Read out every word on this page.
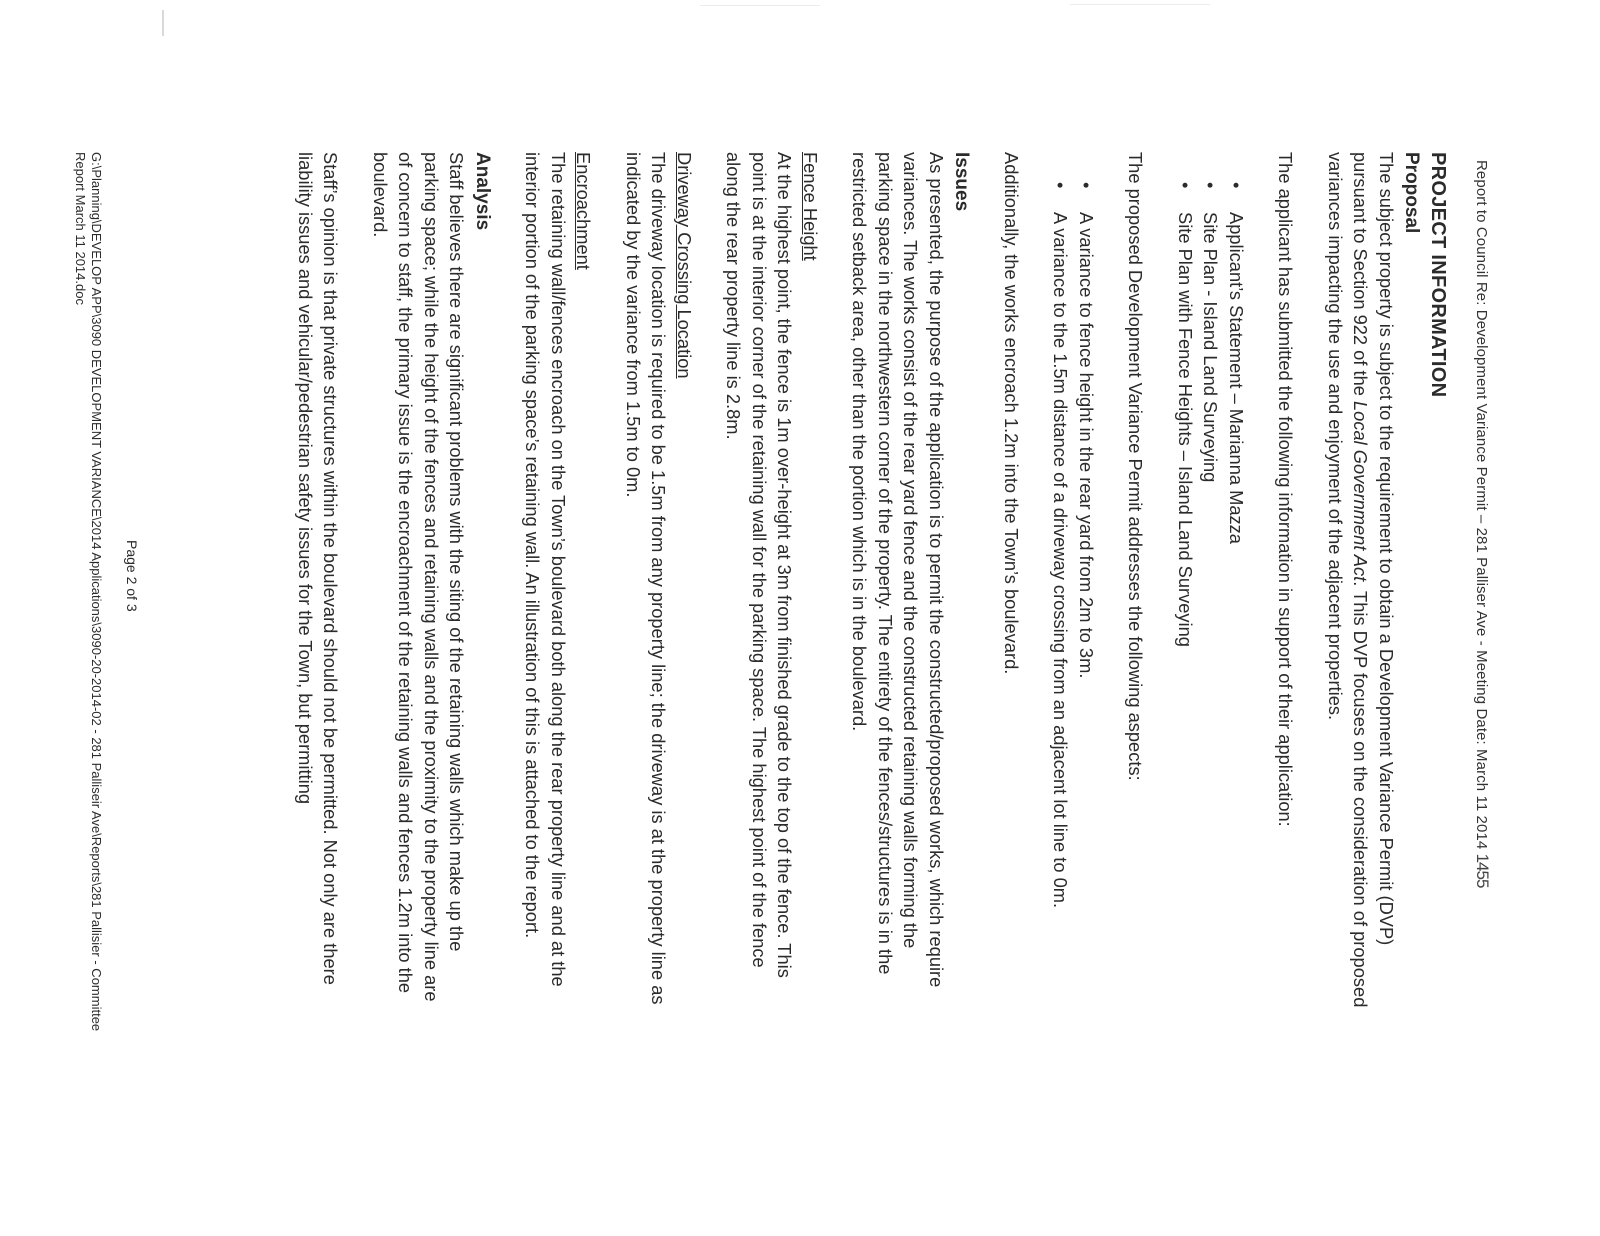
Report to Council Re: Development Variance Permit – 281 Palliser Ave - Meeting Date: March 11 2014 1455

PROJECT INFORMATION

Proposal

The subject property is subject to the requirement to obtain a Development Variance Permit (DVP) pursuant to Section 922 of the Local Government Act. This DVP focuses on the consideration of proposed variances impacting the use and enjoyment of the adjacent properties.

The applicant has submitted the following information in support of their application:

• Applicant’s Statement – Marianna Mazza
• Site Plan - Island Land Surveying
• Site Plan with Fence Heights – Island Land Surveying

The proposed Development Variance Permit addresses the following aspects:

• A variance to fence height in the rear yard from 2m to 3m.
• A variance to the 1.5m distance of a driveway crossing from an adjacent lot line to 0m.

Additionally, the works encroach 1.2m into the Town’s boulevard.

Issues

As presented, the purpose of the application is to permit the constructed/proposed works, which require variances. The works consist of the rear yard fence and the constructed retaining walls forming the parking space in the northwestern corner of the property. The entirety of the fences/structures is in the restricted setback area, other than the portion which is in the boulevard.

Fence Height

At the highest point, the fence is 1m over-height at 3m from finished grade to the top of the fence. This point is at the interior corner of the retaining wall for the parking space. The highest point of the fence along the rear property line is 2.8m.

Driveway Crossing Location

The driveway location is required to be 1.5m from any property line; the driveway is at the property line as indicated by the variance from 1.5m to 0m.

Encroachment

The retaining wall/fences encroach on the Town’s boulevard both along the rear property line and at the interior portion of the parking space’s retaining wall. An illustration of this is attached to the report.

Analysis

Staff believes there are significant problems with the siting of the retaining walls which make up the parking space; while the height of the fences and retaining walls and the proximity to the property line are of concern to staff, the primary issue is the encroachment of the retaining walls and fences 1.2m into the boulevard.

Staff’s opinion is that private structures within the boulevard should not be permitted. Not only are there liability issues and vehicular/pedestrian safety issues for the Town, but permitting

Page 2 of 3
G:\Planning\DEVELOP APP\3090 DEVELOPMENT VARIANCE\2014 Applications\3090-20-2014-02 - 281 Palliseir Ave\Reports\281 Pallisier - Committee Report March 11 2014.doc
